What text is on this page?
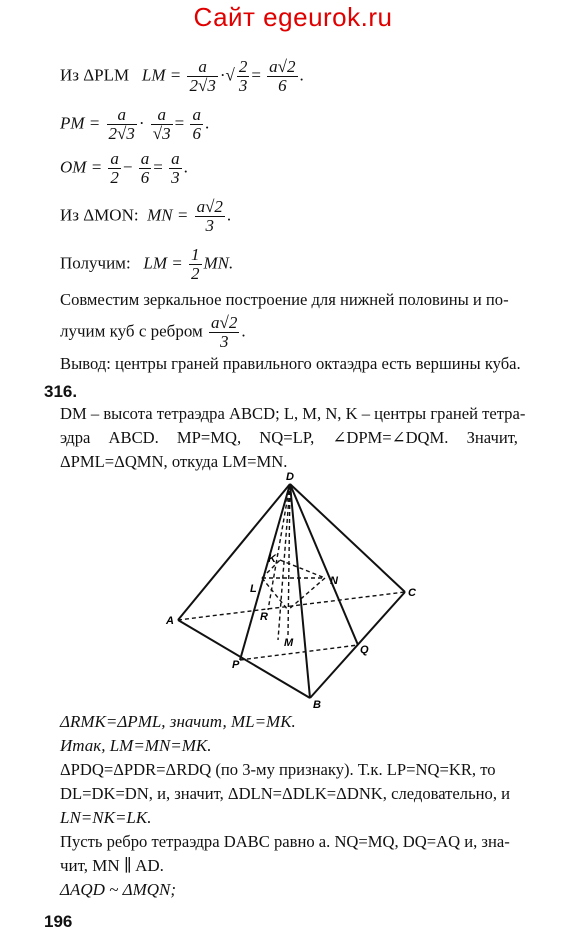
Сайт egeurok.ru
Из ΔPLM LM = $\frac{a}{2√3}$ ·√ $\frac{2}{3} = \frac{a√2}{6}$ .
PM = $\frac{a}{2√3} \cdot \frac{a}{√3} = \frac{a}{6}$ .
OM = $\frac{a}{2} - \frac{a}{6} = \frac{a}{3}$ .
Из ΔMON: MN = $\frac{a√2}{3}$ .
Получим: LM = $\frac{1}{2}$ MN.
Совместим зеркальное построение для нижней половины и по-
лучим куб с ребром $\frac{a√2}{3}$ .
Вывод: центры граней правильного октаэдра есть вершины куба.
316.
DM – высота тетраэдра ABCD; L, M, N, K – центры граней тетра-
эдра ABCD. MP=MQ, NQ=LP, ∠DPM=∠DQM. Значит,
ΔPML=ΔQMN, откуда LM=MN.
D
A
B
C
P
Q
L
K
N
R
M
ΔRMK=ΔPML, значит, ML=MK.
Итак, LM=MN=MK.
ΔPDQ=ΔPDR=ΔRDQ (по 3-му признаку). Т.к. LP=NQ=KR, то
DL=DK=DN, и, значит, ΔDLN=ΔDLK=ΔDNK, следовательно, и
LN=NK=LK.
Пусть ребро тетраэдра DABC равно a. NQ=MQ, DQ=AQ и, зна-
чит, MN ∥ AD.
ΔAQD ~ ΔMQN;
196
